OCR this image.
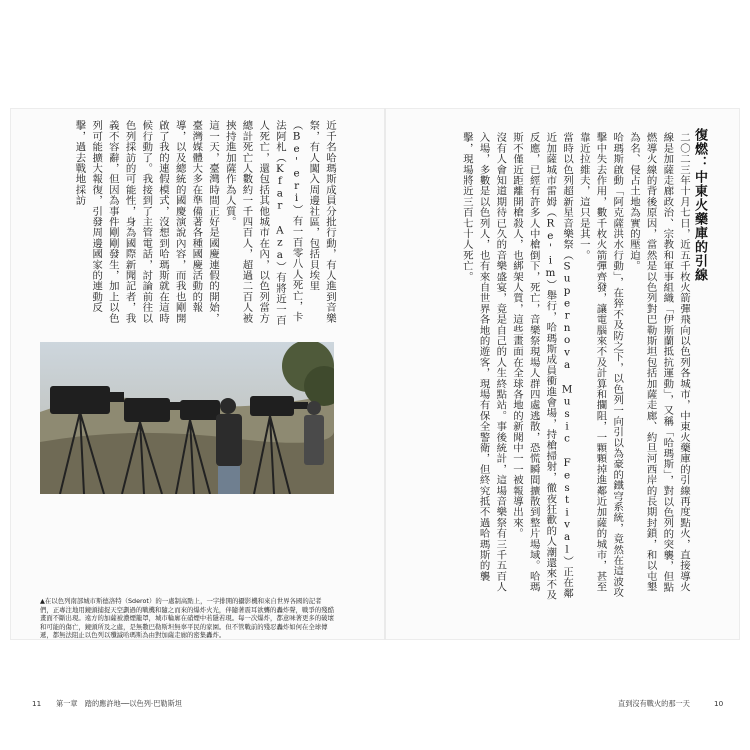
近千名哈瑪斯成員分批行動，有人進到音樂祭，有人闖入周邊社區，包括貝埃里（Be'eri）有一百零八人死亡，卡法阿札（Kfar Aza）有將近一百人死亡，還包括其他城市在內，以色列當方總計死亡人數約一千四百人，超過二百人被挾持進加薩作為人質。

這一天，臺灣時間正好是國慶連假的開始，臺灣媒體大多在準備著各種國慶活動的報導，以及總統的國慶演說內容，而我也剛開啟了我的連假模式，沒想到哈瑪斯就在這時候行動了。我接到了主管電話，討論前往以色列採訪的可能性，身為國際新聞記者，我義不容辭，但因為事件剛剛發生，加上以色列可能擴大報復，引發周邊國家的連動反擊，過去戰地採訪

▲在以色列南部城市斯德洛特（Sderot）的一處制高點上，一字排開的攝影機和來自世界各國的記者們，正專注地用鏡頭捕捉天空劃過的戰機和隨之而來的爆炸火光，伴隨著震耳欲聾的轟炸聲，戰爭的殘酷畫面不斷出現。遠方的加薩被濃煙籠罩，城市輪廓在硝煙中若隱若現。每一次爆炸，都意味著更多的破壞和可能的傷亡，鏡頭所及之處，是無數巴勒斯坦無辜平民的家園。但不管戰前的殘忍轟炸如何在全球傳遞，都無法阻止以色列以殲滅哈瑪斯為由對加薩走廊的密集轟炸。
11 第一章　踏的應許地──以色列‧巴勒斯坦
復燃：中東火藥庫的引線

二〇二三年十月七日，近五千枚火箭彈飛向以色列各城市，中東火藥庫的引線再度點火，直接導火線是加薩走廊政治、宗教和軍事組織「伊斯蘭抵抗運動」，又稱「哈瑪斯」，對以色列的突襲，但點燃導火線的背後原因，當然是以色列對巴勒斯坦包括加薩走廊、約旦河西岸的長期封鎖，和以屯墾為名、侵占土地為實的壓迫。

哈瑪斯啟動「阿克薩洪水行動」，在猝不及防之下，以色列一向引以為豪的鐵穹系統，竟然在這波攻擊中失去作用，數千枚火箭彈齊發，讓電腦來不及計算和攔阻，一顆顆掉進鄰近加薩的城市，甚至靠近拉維夫，這只是其一。

當時以色列超新星音樂祭（Supernova Music Festival）正在鄰近加薩城市雷姆（Re'im）舉行，哈瑪斯成員衝進會場，持槍掃射，徹夜狂歡的人潮還來不及反應，已經有許多人中槍倒下，死亡，音樂祭現場人群四處逃散，恐慌瞬間擴散到整片場域。哈瑪斯不僅近距離開槍殺人，也綁架人質，這些畫面在全球各地的新聞中一一被報導出來。

沒有人會知道期待已久的音樂盛宴，竟是自己的人生終點站。事後統計，這場音樂祭有三千五百人入場，多數是以色列人，也有來自世界各地的遊客，現場有保全警衛，但終究抵不過哈瑪斯的襲擊，現場將近三百七十人死亡。

直到沒有戰火的那一天	10
